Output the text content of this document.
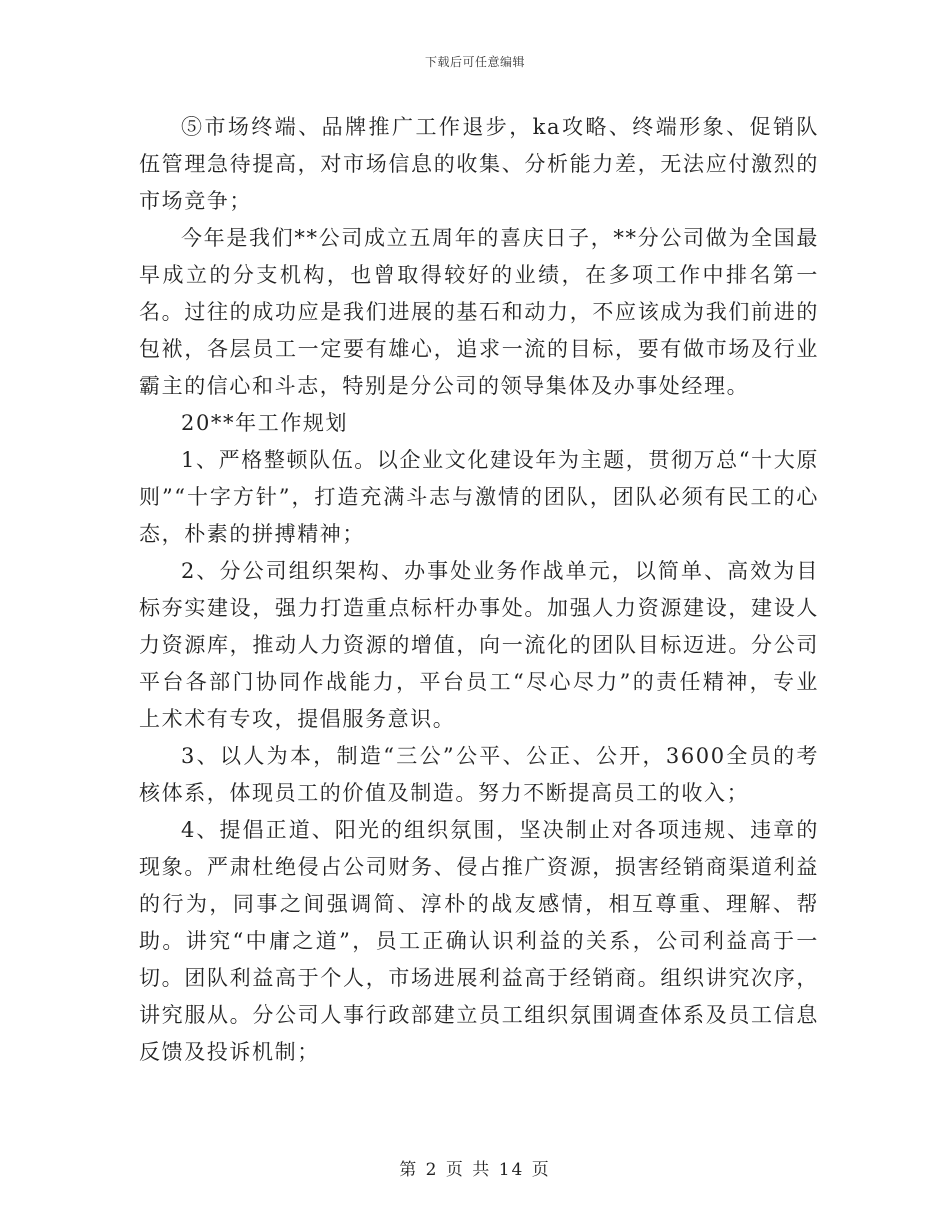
下载后可任意编辑

⑤市场终端、品牌推广工作退步，ka攻略、终端形象、促销队伍管理急待提高，对市场信息的收集、分析能力差，无法应付激烈的市场竞争；

今年是我们**公司成立五周年的喜庆日子，**分公司做为全国最早成立的分支机构，也曾取得较好的业绩，在多项工作中排名第一名。过往的成功应是我们进展的基石和动力，不应该成为我们前进的包袱，各层员工一定要有雄心，追求一流的目标，要有做市场及行业霸主的信心和斗志，特别是分公司的领导集体及办事处经理。

20**年工作规划

1、严格整顿队伍。以企业文化建设年为主题，贯彻万总“十大原则”“十字方针”，打造充满斗志与激情的团队，团队必须有民工的心态，朴素的拼搏精神；

2、分公司组织架构、办事处业务作战单元，以简单、高效为目标夯实建设，强力打造重点标杆办事处。加强人力资源建设，建设人力资源库，推动人力资源的增值，向一流化的团队目标迈进。分公司平台各部门协同作战能力，平台员工“尽心尽力”的责任精神，专业上术术有专攻，提倡服务意识。

3、以人为本，制造“三公”公平、公正、公开，3600全员的考核体系，体现员工的价值及制造。努力不断提高员工的收入；

4、提倡正道、阳光的组织氛围，坚决制止对各项违规、违章的现象。严肃杜绝侵占公司财务、侵占推广资源，损害经销商渠道利益的行为，同事之间强调简、淳朴的战友感情，相互尊重、理解、帮助。讲究“中庸之道”，员工正确认识利益的关系，公司利益高于一切。团队利益高于个人，市场进展利益高于经销商。组织讲究次序，讲究服从。分公司人事行政部建立员工组织氛围调查体系及员工信息反馈及投诉机制；

第 2 页 共 14 页
